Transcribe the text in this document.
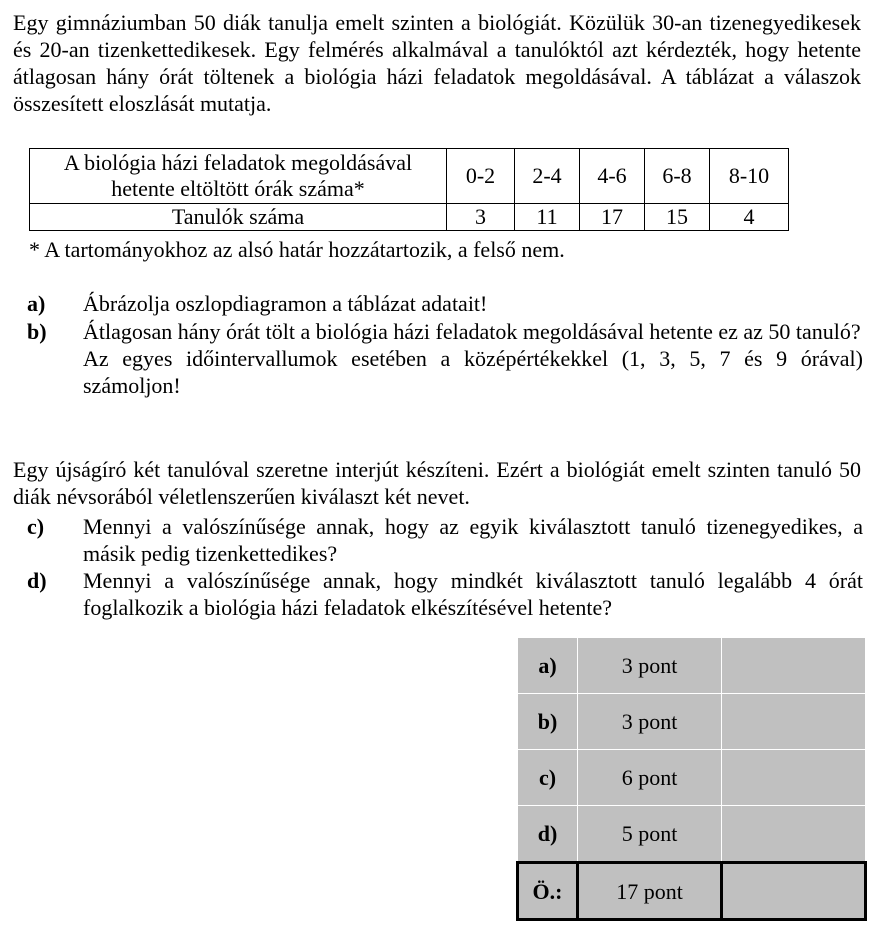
Egy gimnáziumban 50 diák tanulja emelt szinten a biológiát. Közülük 30-an tizenegyedikesek és 20-an tizenkettedikesek. Egy felmérés alkalmával a tanulóktól azt kérdezték, hogy hetente átlagosan hány órát töltenek a biológia házi feladatok megoldásával. A táblázat a válaszok összesített eloszlását mutatja.

A biológia házi feladatok megoldásával
hetente eltöltött órák száma*	0-2	2-4	4-6	6-8	8-10
Tanulók száma	3	11	17	15	4

* A tartományokhoz az alsó határ hozzátartozik, a felső nem.

a) Ábrázolja oszlopdiagramon a táblázat adatait!

b) Átlagosan hány órát tölt a biológia házi feladatok megoldásával hetente ez az 50 tanuló?

Az egyes időintervallumok esetében a középértékekkel (1, 3, 5, 7 és 9 órával) számoljon!

Egy újságíró két tanulóval szeretne interjút készíteni. Ezért a biológiát emelt szinten tanuló 50 diák névsorából véletlenszerűen kiválaszt két nevet.

c) Mennyi a valószínűsége annak, hogy az egyik kiválasztott tanuló tizenegyedikes, a másik pedig tizenkettedikes?

d) Mennyi a valószínűsége annak, hogy mindkét kiválasztott tanuló legalább 4 órát foglalkozik a biológia házi feladatok elkészítésével hetente?

a)	3 pont	
b)	3 pont	
c)	6 pont	
d)	5 pont	
Ö.:	17 pont	
